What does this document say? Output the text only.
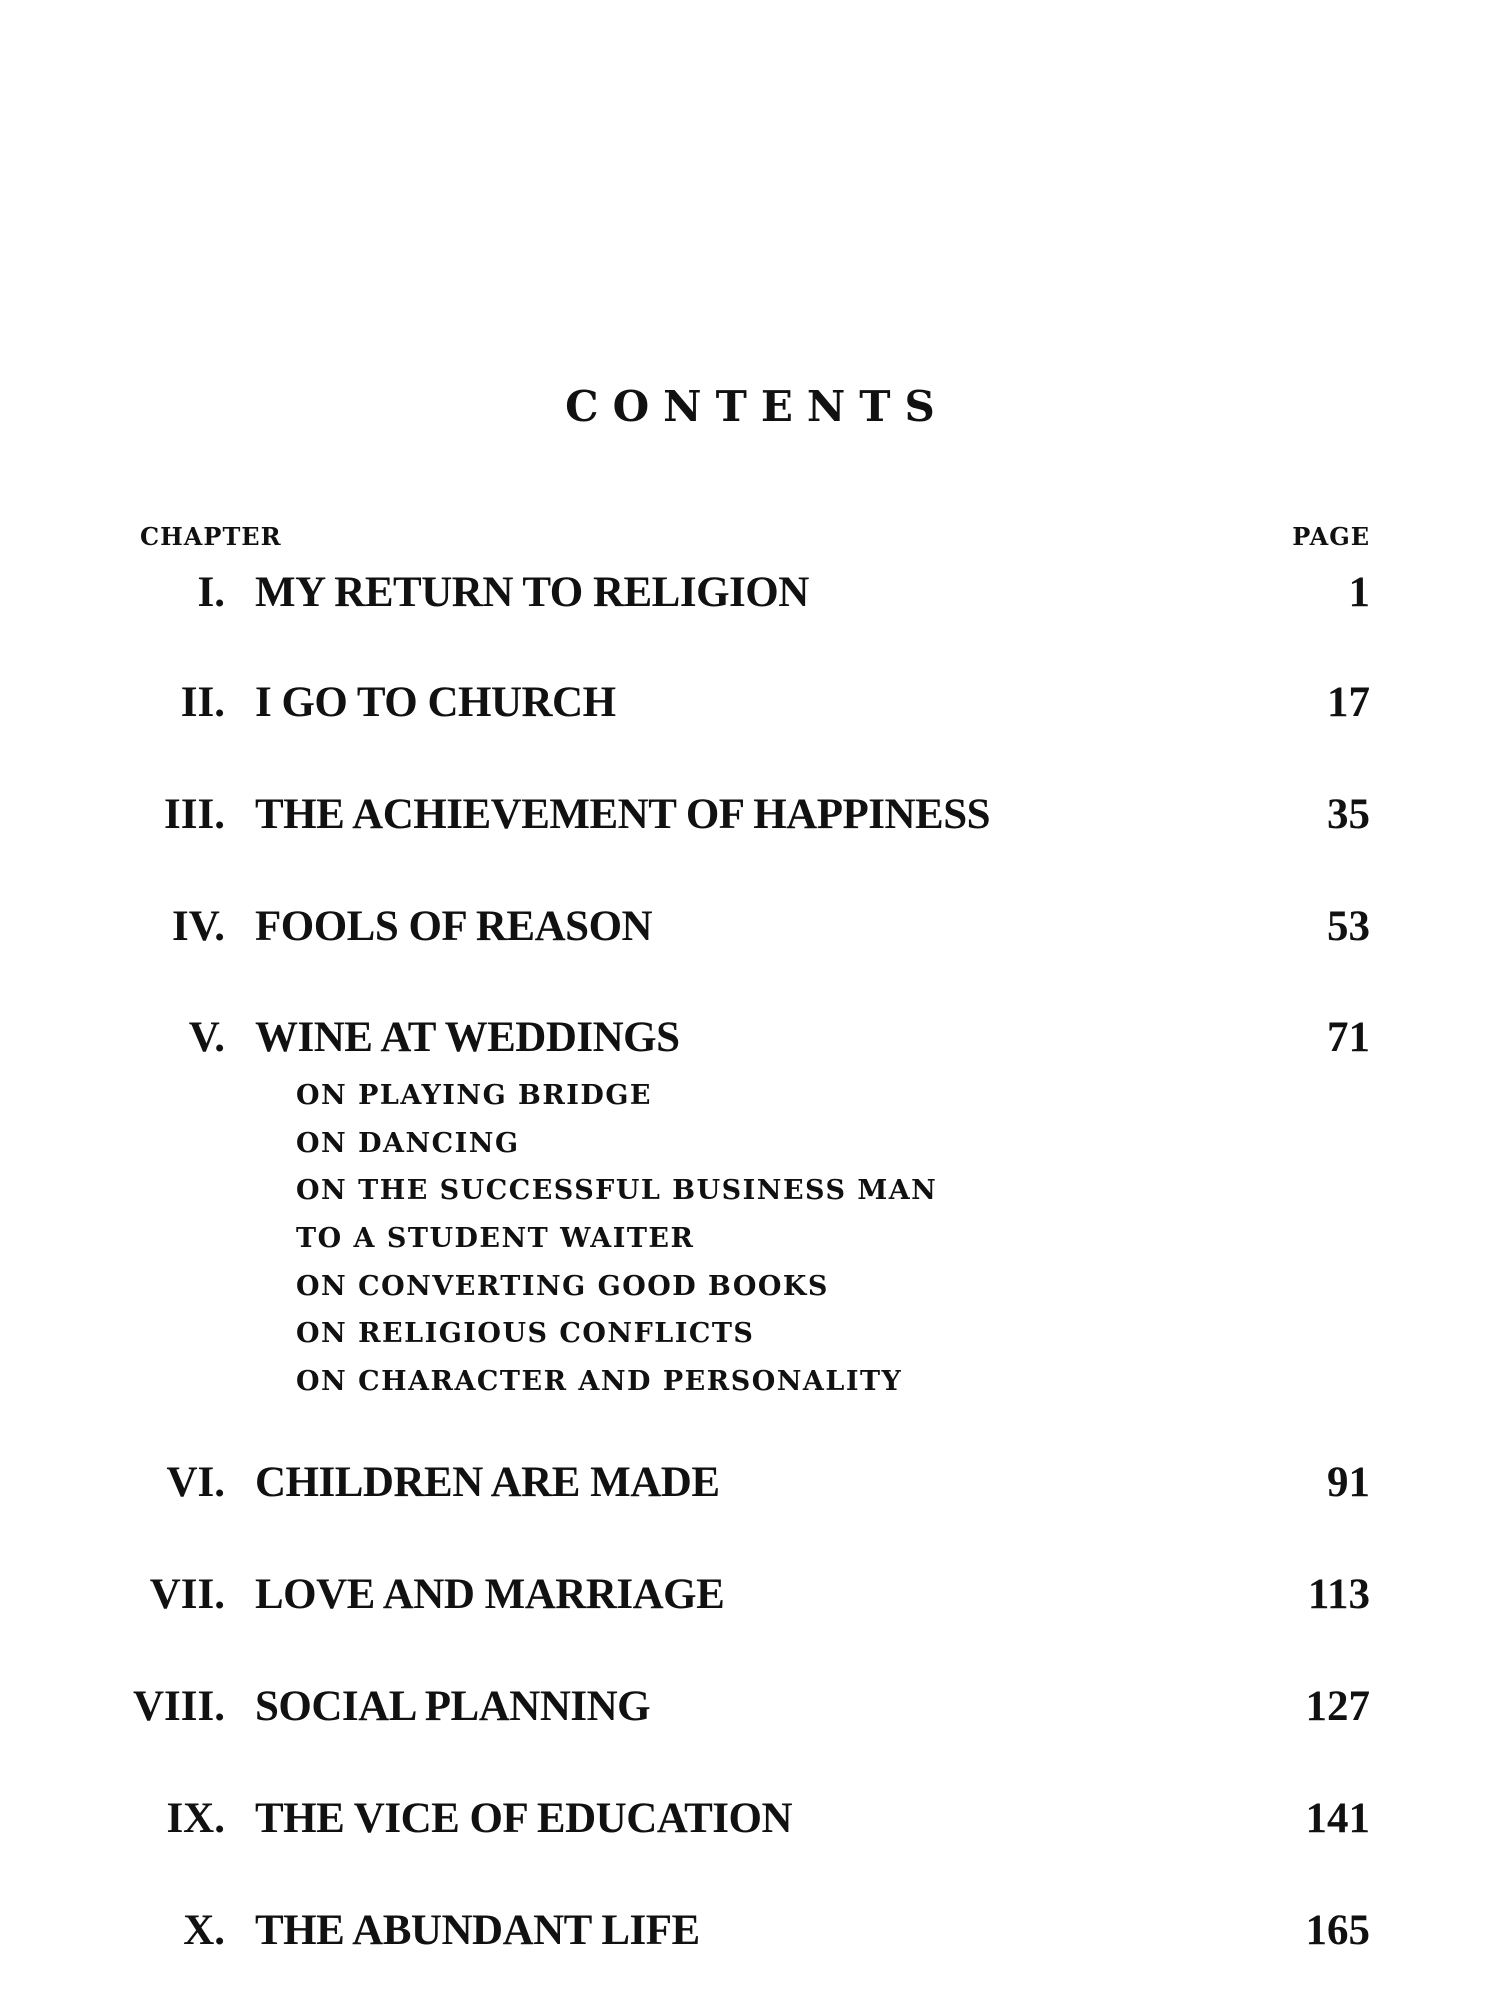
CONTENTS
CHAPTER	PAGE
I. MY RETURN TO RELIGION	1
II. I GO TO CHURCH	17
III. THE ACHIEVEMENT OF HAPPINESS	35
IV. FOOLS OF REASON	53
V. WINE AT WEDDINGS	71
ON PLAYING BRIDGE
ON DANCING
ON THE SUCCESSFUL BUSINESS MAN
TO A STUDENT WAITER
ON CONVERTING GOOD BOOKS
ON RELIGIOUS CONFLICTS
ON CHARACTER AND PERSONALITY
VI. CHILDREN ARE MADE	91
VII. LOVE AND MARRIAGE	113
VIII. SOCIAL PLANNING	127
IX. THE VICE OF EDUCATION	141
X. THE ABUNDANT LIFE	165
